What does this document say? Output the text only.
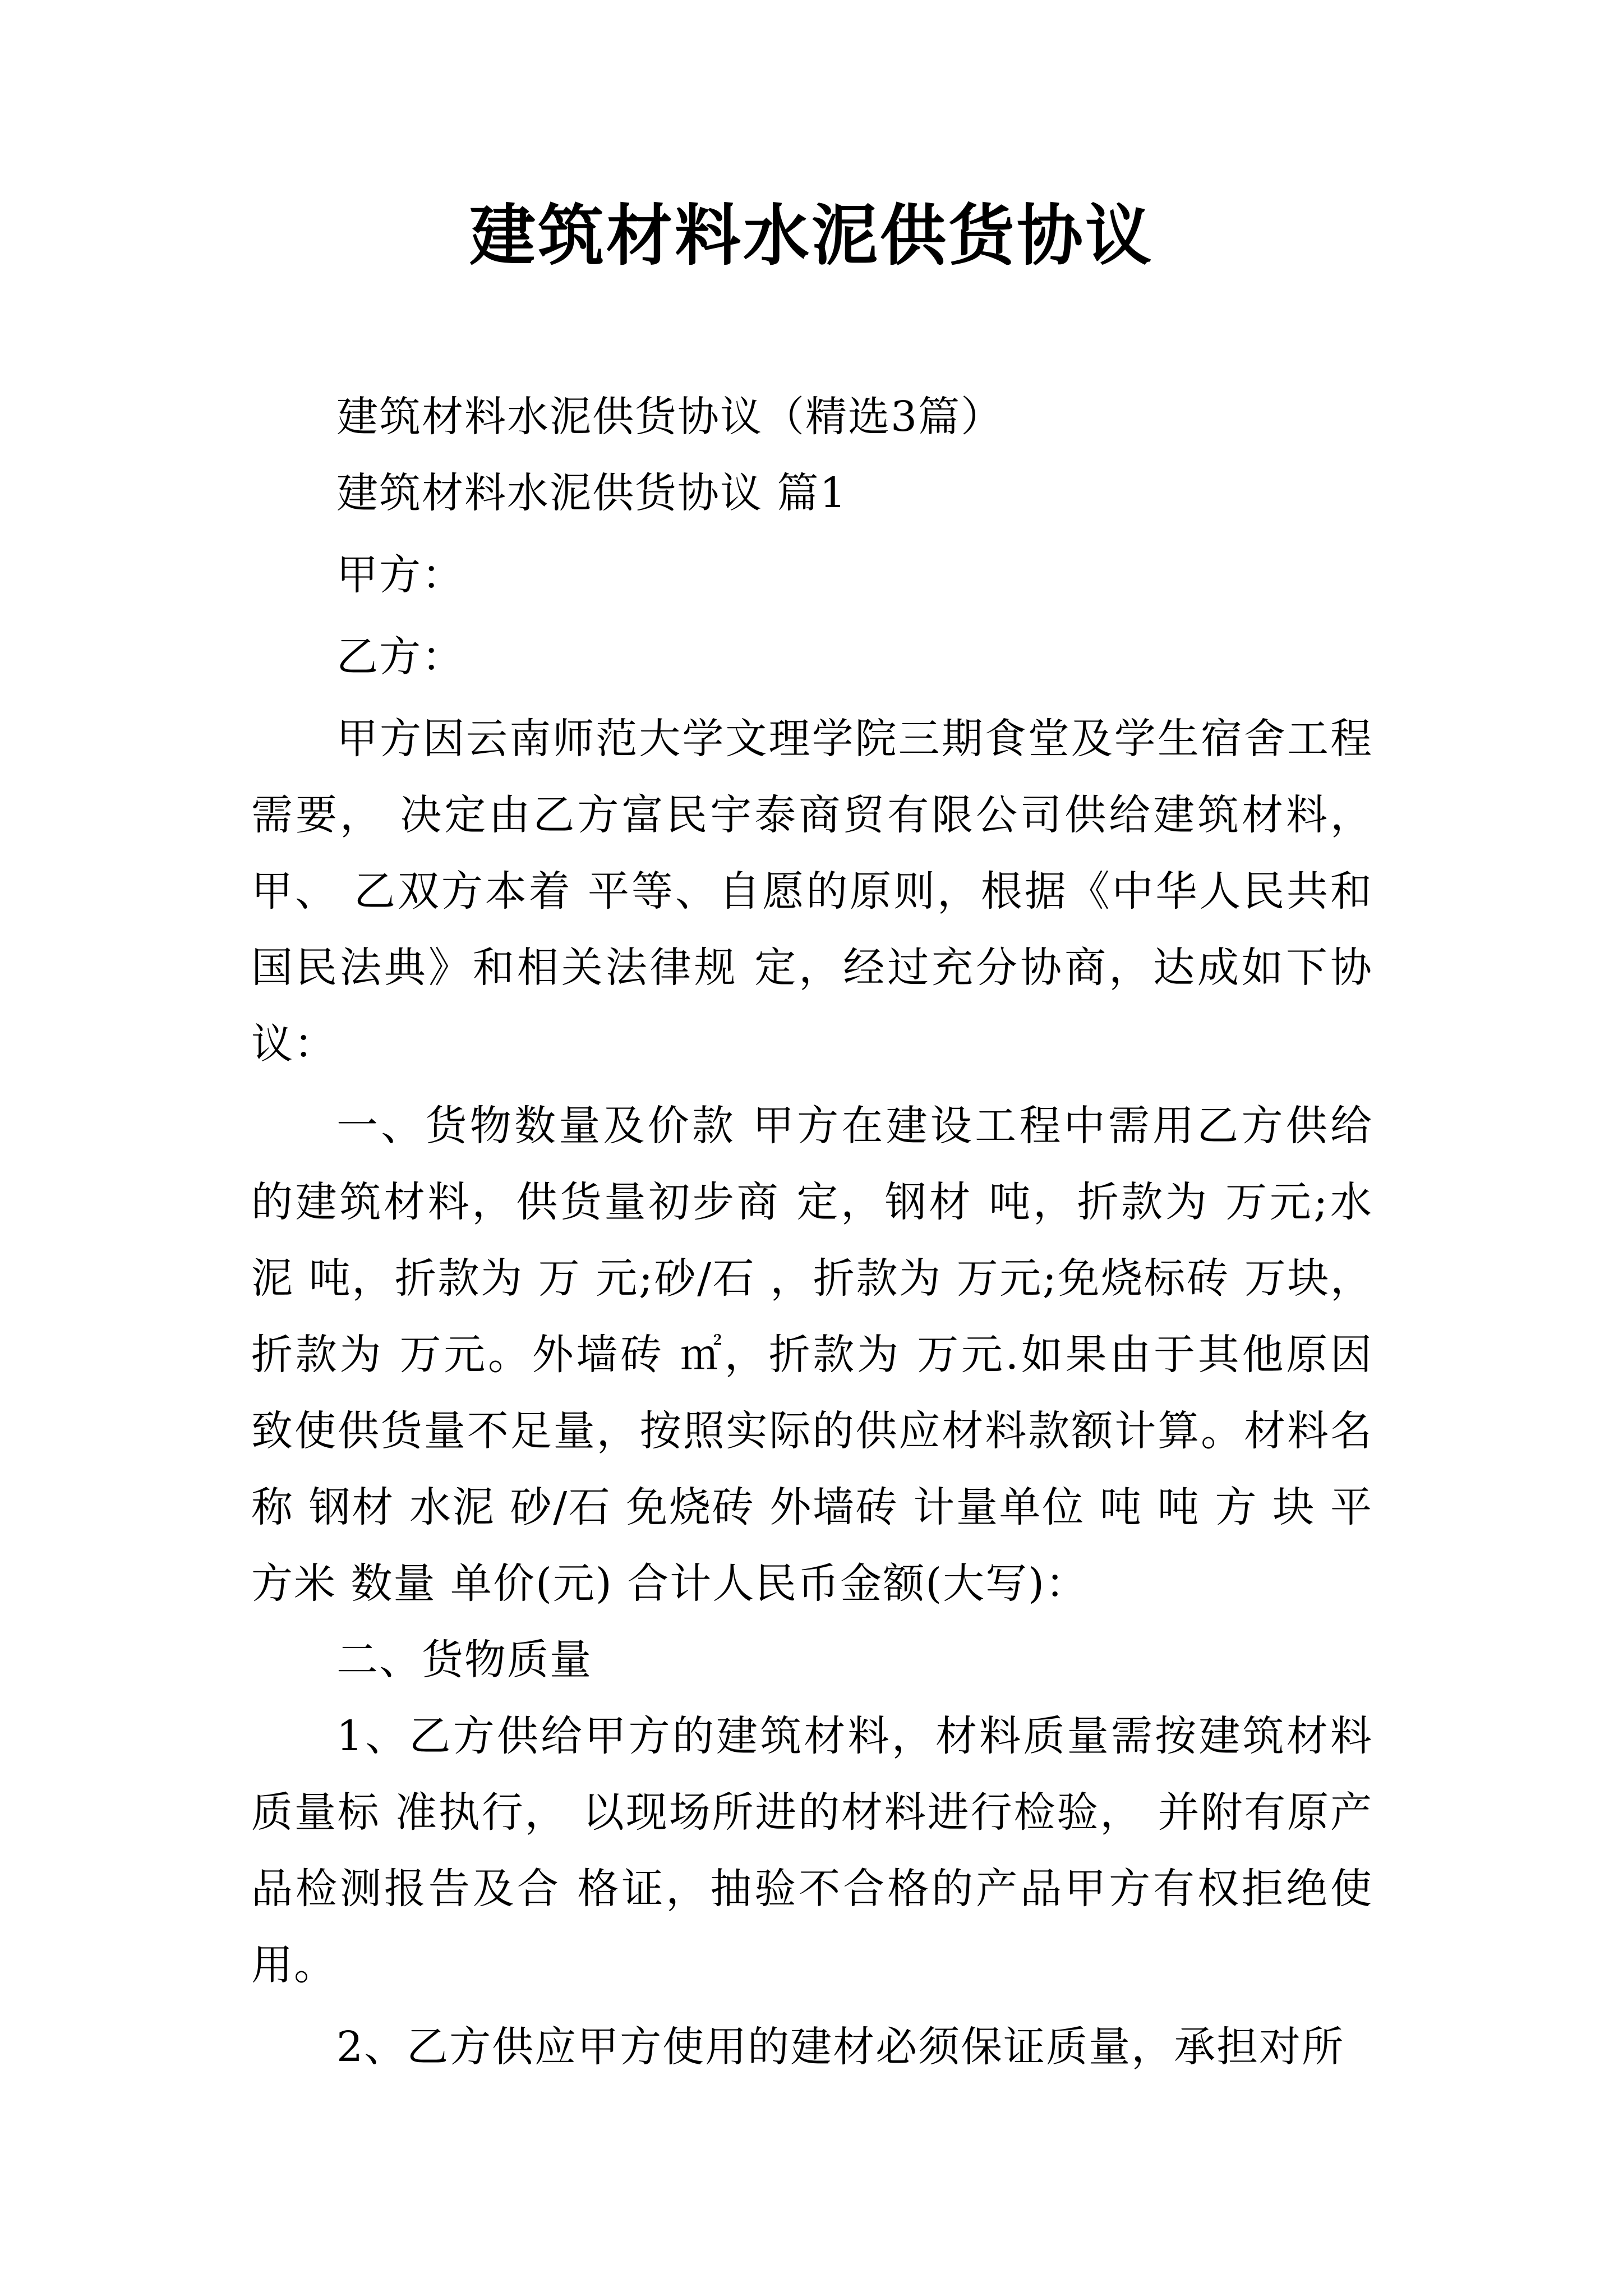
建筑材料水泥供货协议

建筑材料水泥供货协议（精选3篇）

建筑材料水泥供货协议 篇1

甲方：

乙方：

甲方因云南师范大学文理学院三期食堂及学生宿舍工程需要， 决定由乙方富民宇泰商贸有限公司供给建筑材料，甲、 乙双方本着 平等、自愿的原则，根据《中华人民共和国民法典》和相关法律规 定，经过充分协商，达成如下协议：

一、货物数量及价款 甲方在建设工程中需用乙方供给的建筑材料，供货量初步商 定，钢材 吨，折款为 万元;水泥 吨，折款为 万 元;砂/石 ，折款为 万元;免烧标砖 万块，折款为 万元。外墙砖 ㎡，折款为 万元.如果由于其他原因 致使供货量不足量，按照实际的供应材料款额计算。材料名称 钢材 水泥 砂/石 免烧砖 外墙砖 计量单位 吨 吨 方 块 平方米 数量 单价(元) 合计人民币金额(大写)：

二、货物质量

1、乙方供给甲方的建筑材料，材料质量需按建筑材料质量标 准执行， 以现场所进的材料进行检验， 并附有原产品检测报告及合 格证，抽验不合格的产品甲方有权拒绝使用。

2、乙方供应甲方使用的建材必须保证质量，承担对所
